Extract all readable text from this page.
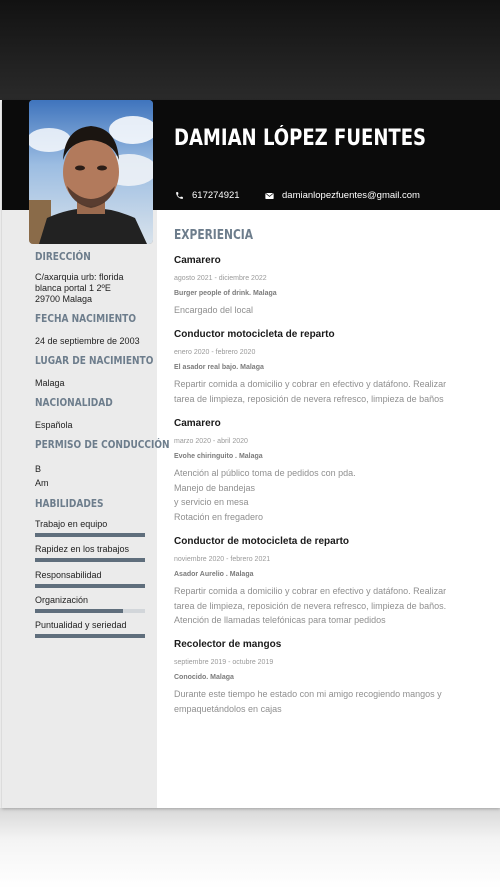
DAMIAN LÓPEZ FUENTES
617274921	damianlopezfuentes@gmail.com
DIRECCIÓN
C/axarquia urb: florida
blanca portal 1 2ºE
29700 Malaga
FECHA NACIMIENTO
24 de septiembre de 2003
LUGAR DE NACIMIENTO
Malaga
NACIONALIDAD
Española
PERMISO DE CONDUCCIÓN
B
Am
HABILIDADES
Trabajo en equipo
Rapidez en los trabajos
Responsabilidad
Organización
Puntualidad y seriedad
EXPERIENCIA
Camarero
agosto 2021 - diciembre 2022
Burger people of drink. Malaga
Encargado del local
Conductor motocicleta de reparto
enero 2020 - febrero 2020
El asador real bajo. Malaga
Repartir comida a domicilio y cobrar en efectivo y datáfono. Realizar
tarea de limpieza, reposición de nevera refresco, limpieza de baños
Camarero
marzo 2020 - abril 2020
Evohe chiringuito . Malaga
Atención al público toma de pedidos con pda.
Manejo de bandejas
y servicio en mesa
Rotación en fregadero
Conductor de motocicleta de reparto
noviembre 2020 - febrero 2021
Asador Aurelio . Malaga
Repartir comida a domicilio y cobrar en efectivo y datáfono. Realizar
tarea de limpieza, reposición de nevera refresco, limpieza de baños.
Atención de llamadas telefónicas para tomar pedidos
Recolector de mangos
septiembre 2019 - octubre 2019
Conocido. Malaga
Durante este tiempo he estado con mi amigo recogiendo mangos y
empaquetándolos en cajas
